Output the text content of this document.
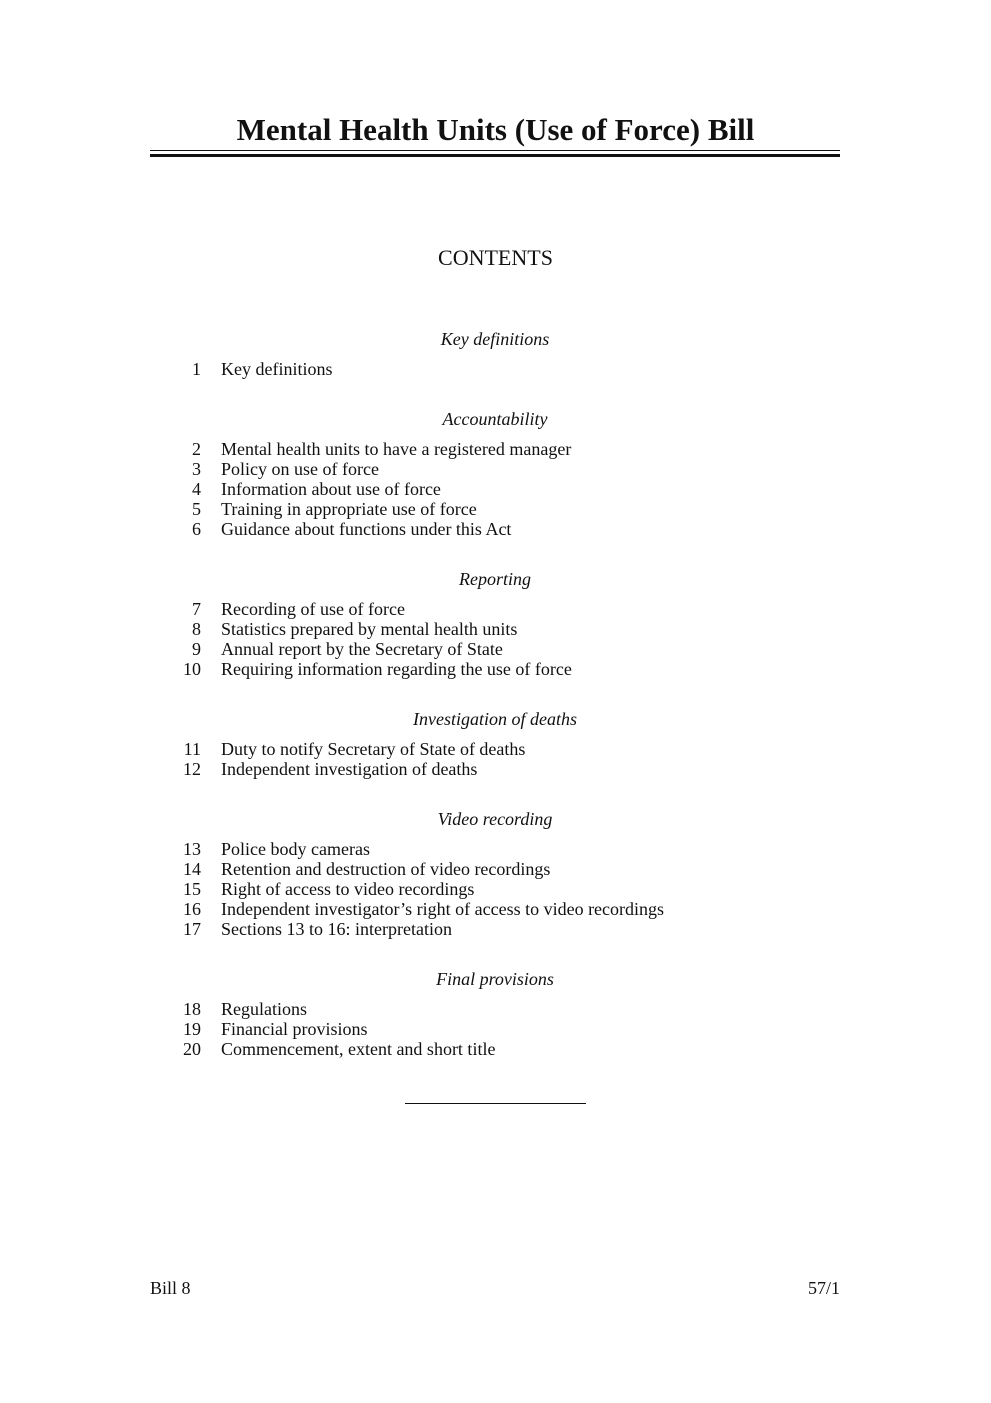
Mental Health Units (Use of Force) Bill
CONTENTS
Key definitions
1 Key definitions
Accountability
2 Mental health units to have a registered manager
3 Policy on use of force
4 Information about use of force
5 Training in appropriate use of force
6 Guidance about functions under this Act
Reporting
7 Recording of use of force
8 Statistics prepared by mental health units
9 Annual report by the Secretary of State
10 Requiring information regarding the use of force
Investigation of deaths
11 Duty to notify Secretary of State of deaths
12 Independent investigation of deaths
Video recording
13 Police body cameras
14 Retention and destruction of video recordings
15 Right of access to video recordings
16 Independent investigator’s right of access to video recordings
17 Sections 13 to 16: interpretation
Final provisions
18 Regulations
19 Financial provisions
20 Commencement, extent and short title
Bill 8	57/1
